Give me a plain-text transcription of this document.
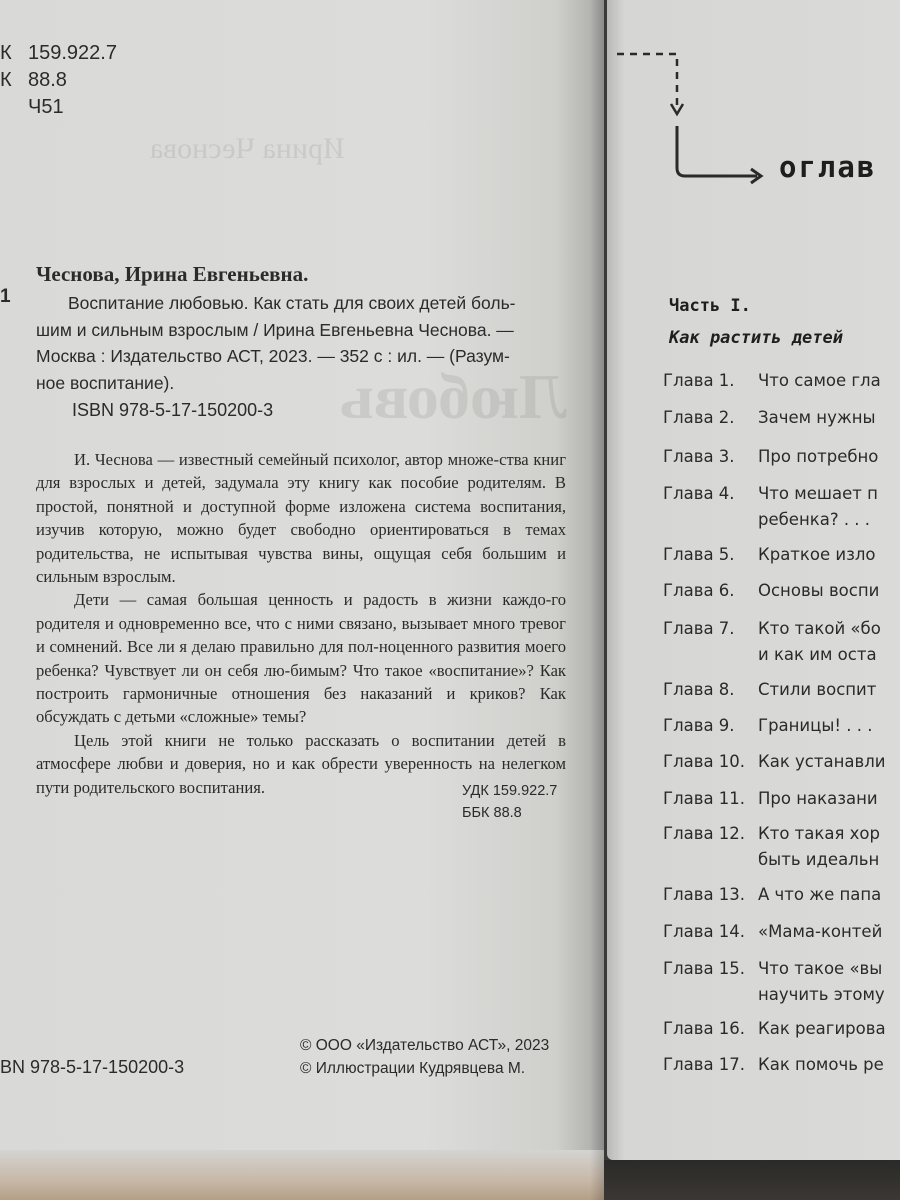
Ирина Чеснова
Любовь
К 159.922.7
К 88.8
Ч51
Чеснова, Ирина Евгеньевна.
1	Воспитание любовью. Как стать для своих детей боль-
шим и сильным взрослым / Ирина Евгеньевна Чеснова. —
Москва : Издательство АСТ, 2023. — 352 с : ил. — (Разум-
ное воспитание).
ISBN 978-5-17-150200-3

И. Чеснова — известный семейный психолог, автор множе-ства книг для взрослых и детей, задумала эту книгу как пособие родителям. В простой, понятной и доступной форме изложена система воспитания, изучив которую, можно будет свободно ориентироваться в темах родительства, не испытывая чувства вины, ощущая себя большим и сильным взрослым.

Дети — самая большая ценность и радость в жизни каждо-го родителя и одновременно все, что с ними связано, вызывает много тревог и сомнений. Все ли я делаю правильно для пол-ноценного развития моего ребенка? Чувствует ли он себя лю-бимым? Что такое «воспитание»? Как построить гармоничные отношения без наказаний и криков? Как обсуждать с детьми «сложные» темы?

Цель этой книги не только рассказать о воспитании детей в атмосфере любви и доверия, но и как обрести уверенность на нелегком пути родительского воспитания.	УДК 159.922.7
ББК 88.8
BN 978-5-17-150200-3
© ООО «Издательство АСТ», 2023
© Иллюстрации Кудрявцева М.
оглав
Часть I.
Как растить детей
Глава 1. Что самое гла
Глава 2. Зачем нужны
Глава 3. Про потребно
Глава 4. Что мешает п
ребенка? . . .
Глава 5. Краткое изло
Глава 6. Основы воспи
Глава 7. Кто такой «бо
и как им оста
Глава 8. Стили воспит
Глава 9. Границы! . . .
Глава 10. Как устанавли
Глава 11. Про наказани
Глава 12. Кто такая хор
быть идеальн
Глава 13. А что же папа
Глава 14. «Мама-контей
Глава 15. Что такое «вы
научить этому
Глава 16. Как реагирова
Глава 17. Как помочь ре
